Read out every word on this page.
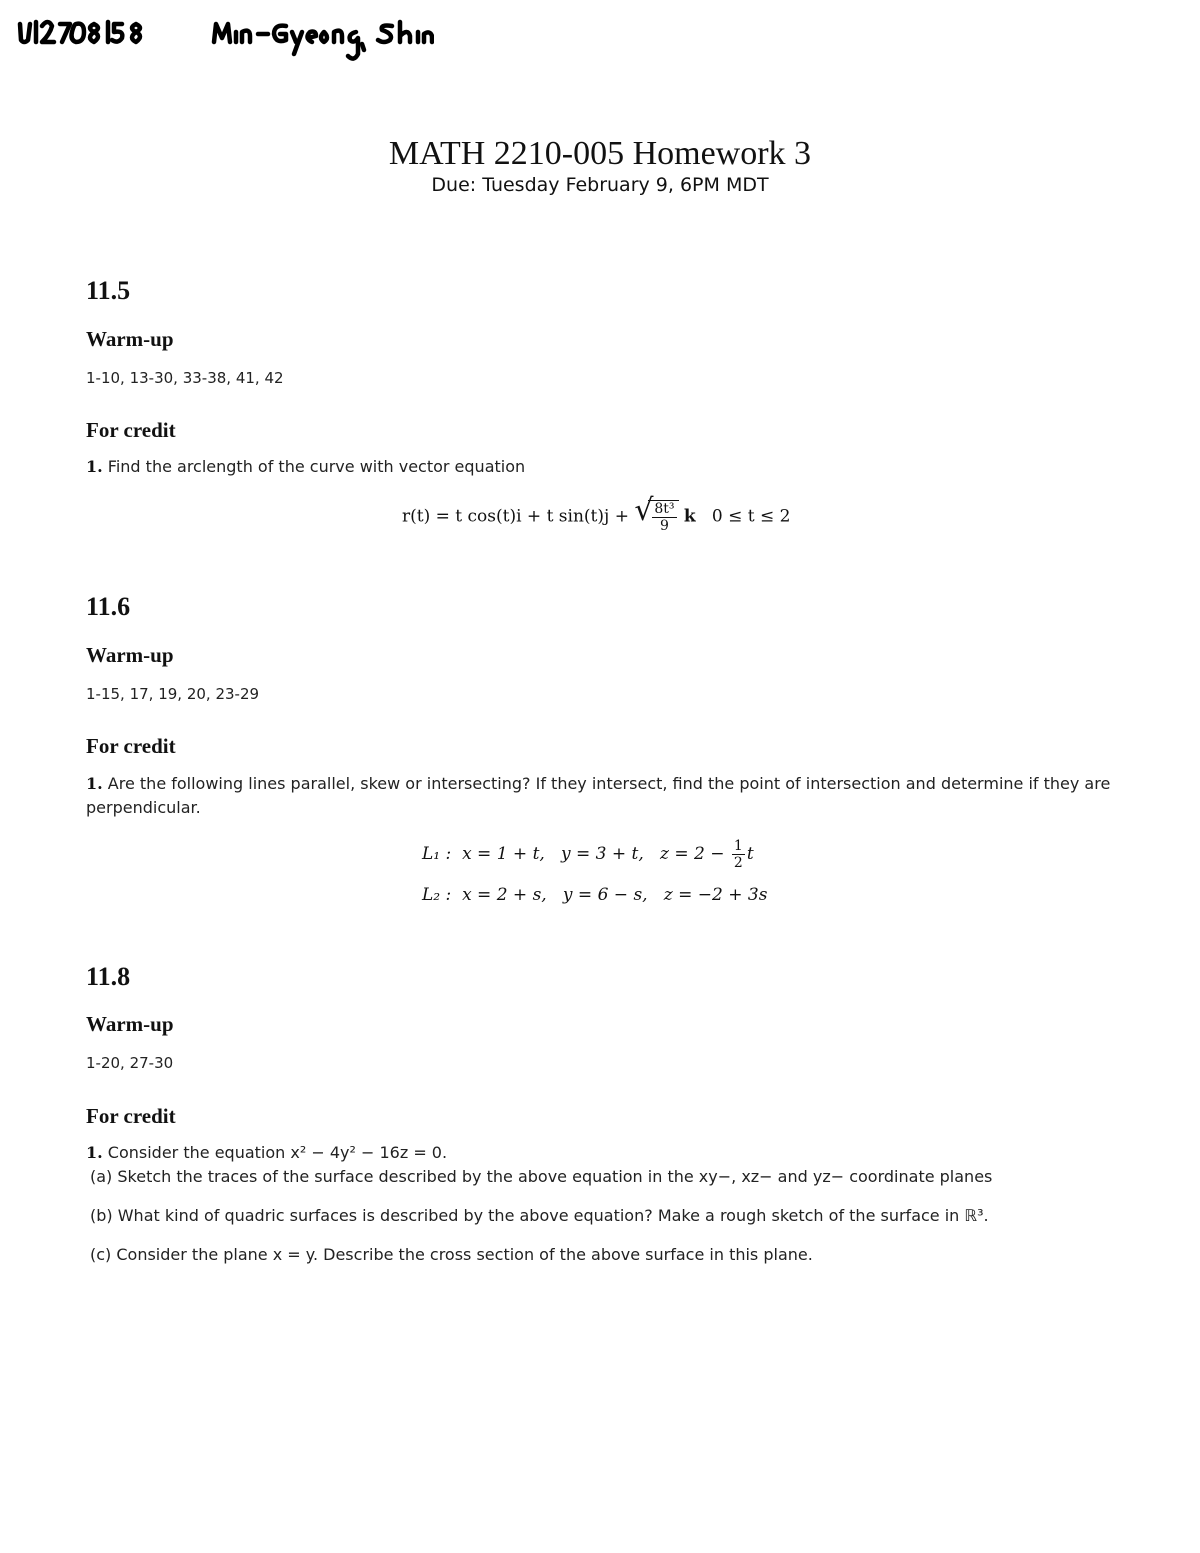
MATH 2210-005 Homework 3

Due: Tuesday February 9, 6PM MDT

11.5
Warm-up

1-10, 13-30, 33-38, 41, 42

For credit

1. Find the arclength of the curve with vector equation

r(t) = t cos(t)i + t sin(t)j + √
$\frac{\text{8t³}}{9}$ k 0 ≤ t ≤ 2
11.6
Warm-up

1-15, 17, 19, 20, 23-29

For credit

1. Are the following lines parallel, skew or intersecting? If they intersect, find the point of intersection and determine if they are perpendicular.

L₁ : x = 1 + t, y = 3 + t, $z = 2 - \frac{1}{2}$ t
L₂ : x = 2 + s, y = 6 − s, z = −2 + 3s
11.8
Warm-up

1-20, 27-30

For credit

1. Consider the equation x² − 4y² − 16z = 0.

(a) Sketch the traces of the surface described by the above equation in the xy−, xz− and yz− coordinate planes
(b) What kind of quadric surfaces is described by the above equation? Make a rough sketch of the surface in ℝ³.
(c) Consider the plane x = y. Describe the cross section of the above surface in this plane.
